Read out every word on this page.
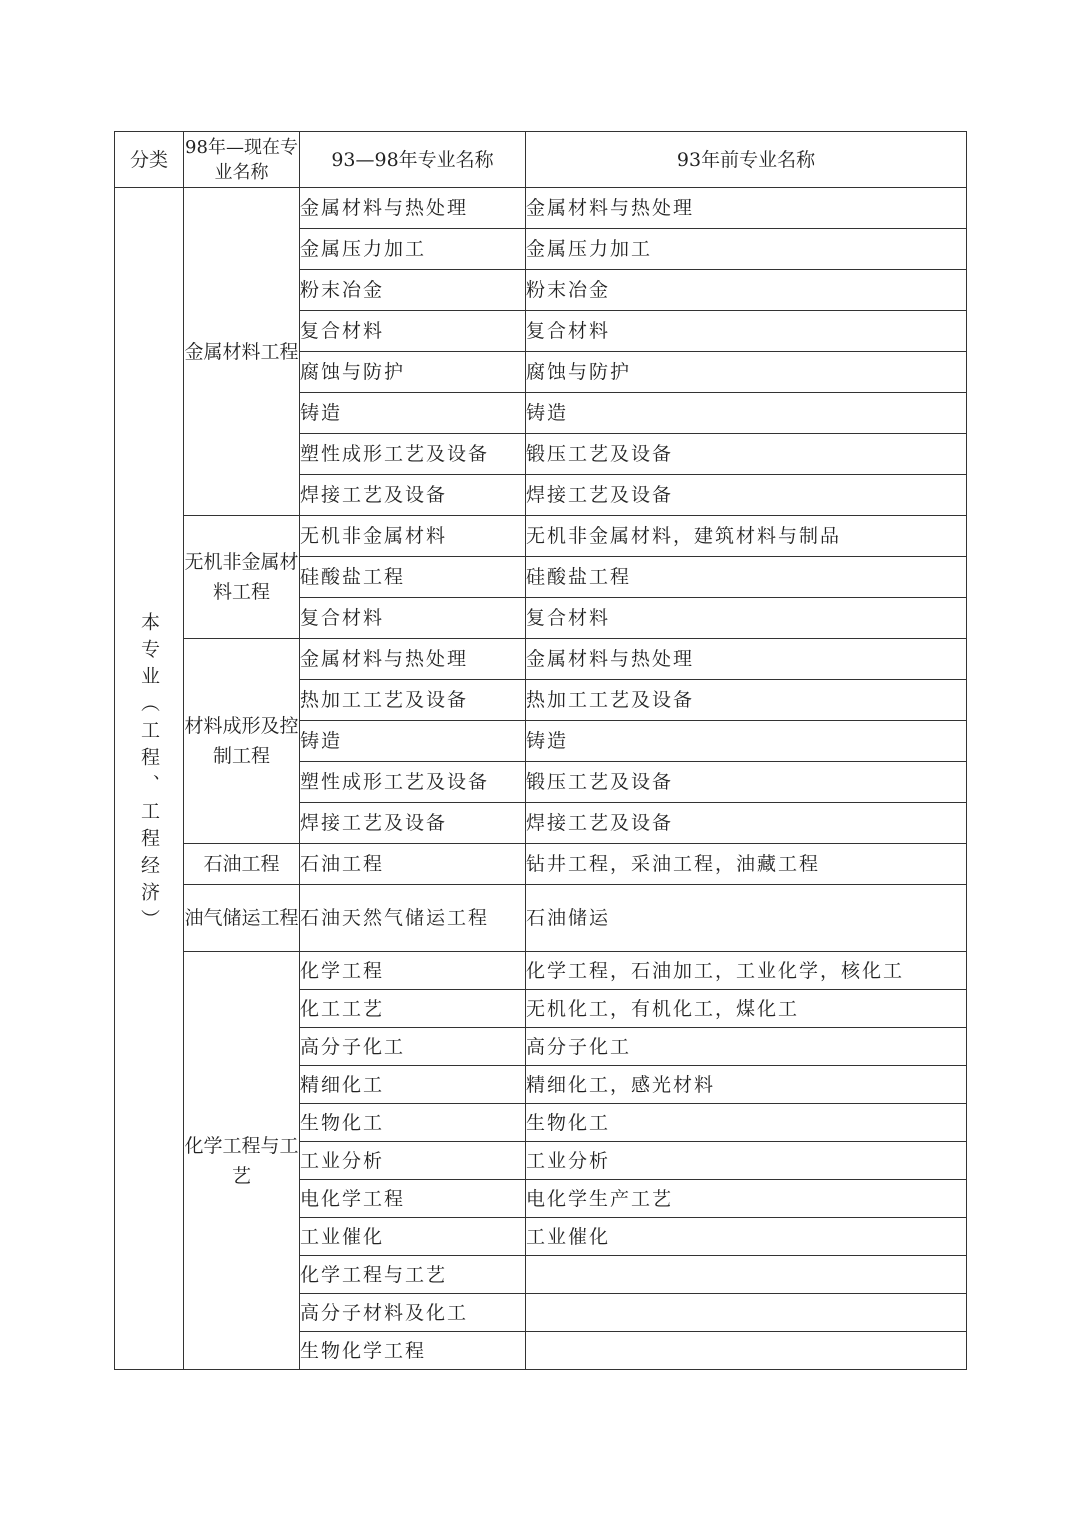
分类	98年—现在专业名称	93—98年专业名称	93年前专业名称
本专业（工程、工程经济）	金属材料工程	金属材料与热处理	金属材料与热处理
		金属压力加工	金属压力加工
		粉末冶金	粉末冶金
		复合材料	复合材料
		腐蚀与防护	腐蚀与防护
		铸造	铸造
		塑性成形工艺及设备	锻压工艺及设备
		焊接工艺及设备	焊接工艺及设备
	无机非金属材料工程	无机非金属材料	无机非金属材料，建筑材料与制品
		硅酸盐工程	硅酸盐工程
		复合材料	复合材料
	材料成形及控制工程	金属材料与热处理	金属材料与热处理
		热加工工艺及设备	热加工工艺及设备
		铸造	铸造
		塑性成形工艺及设备	锻压工艺及设备
		焊接工艺及设备	焊接工艺及设备
	石油工程	石油工程	钻井工程，采油工程，油藏工程
	油气储运工程	石油天然气储运工程	石油储运
	化学工程与工艺	化学工程	化学工程，石油加工，工业化学，核化工
		化工工艺	无机化工，有机化工，煤化工
		高分子化工	高分子化工
		精细化工	精细化工，感光材料
		生物化工	生物化工
		工业分析	工业分析
		电化学工程	电化学生产工艺
		工业催化	工业催化
		化学工程与工艺	
		高分子材料及化工	
		生物化学工程	
